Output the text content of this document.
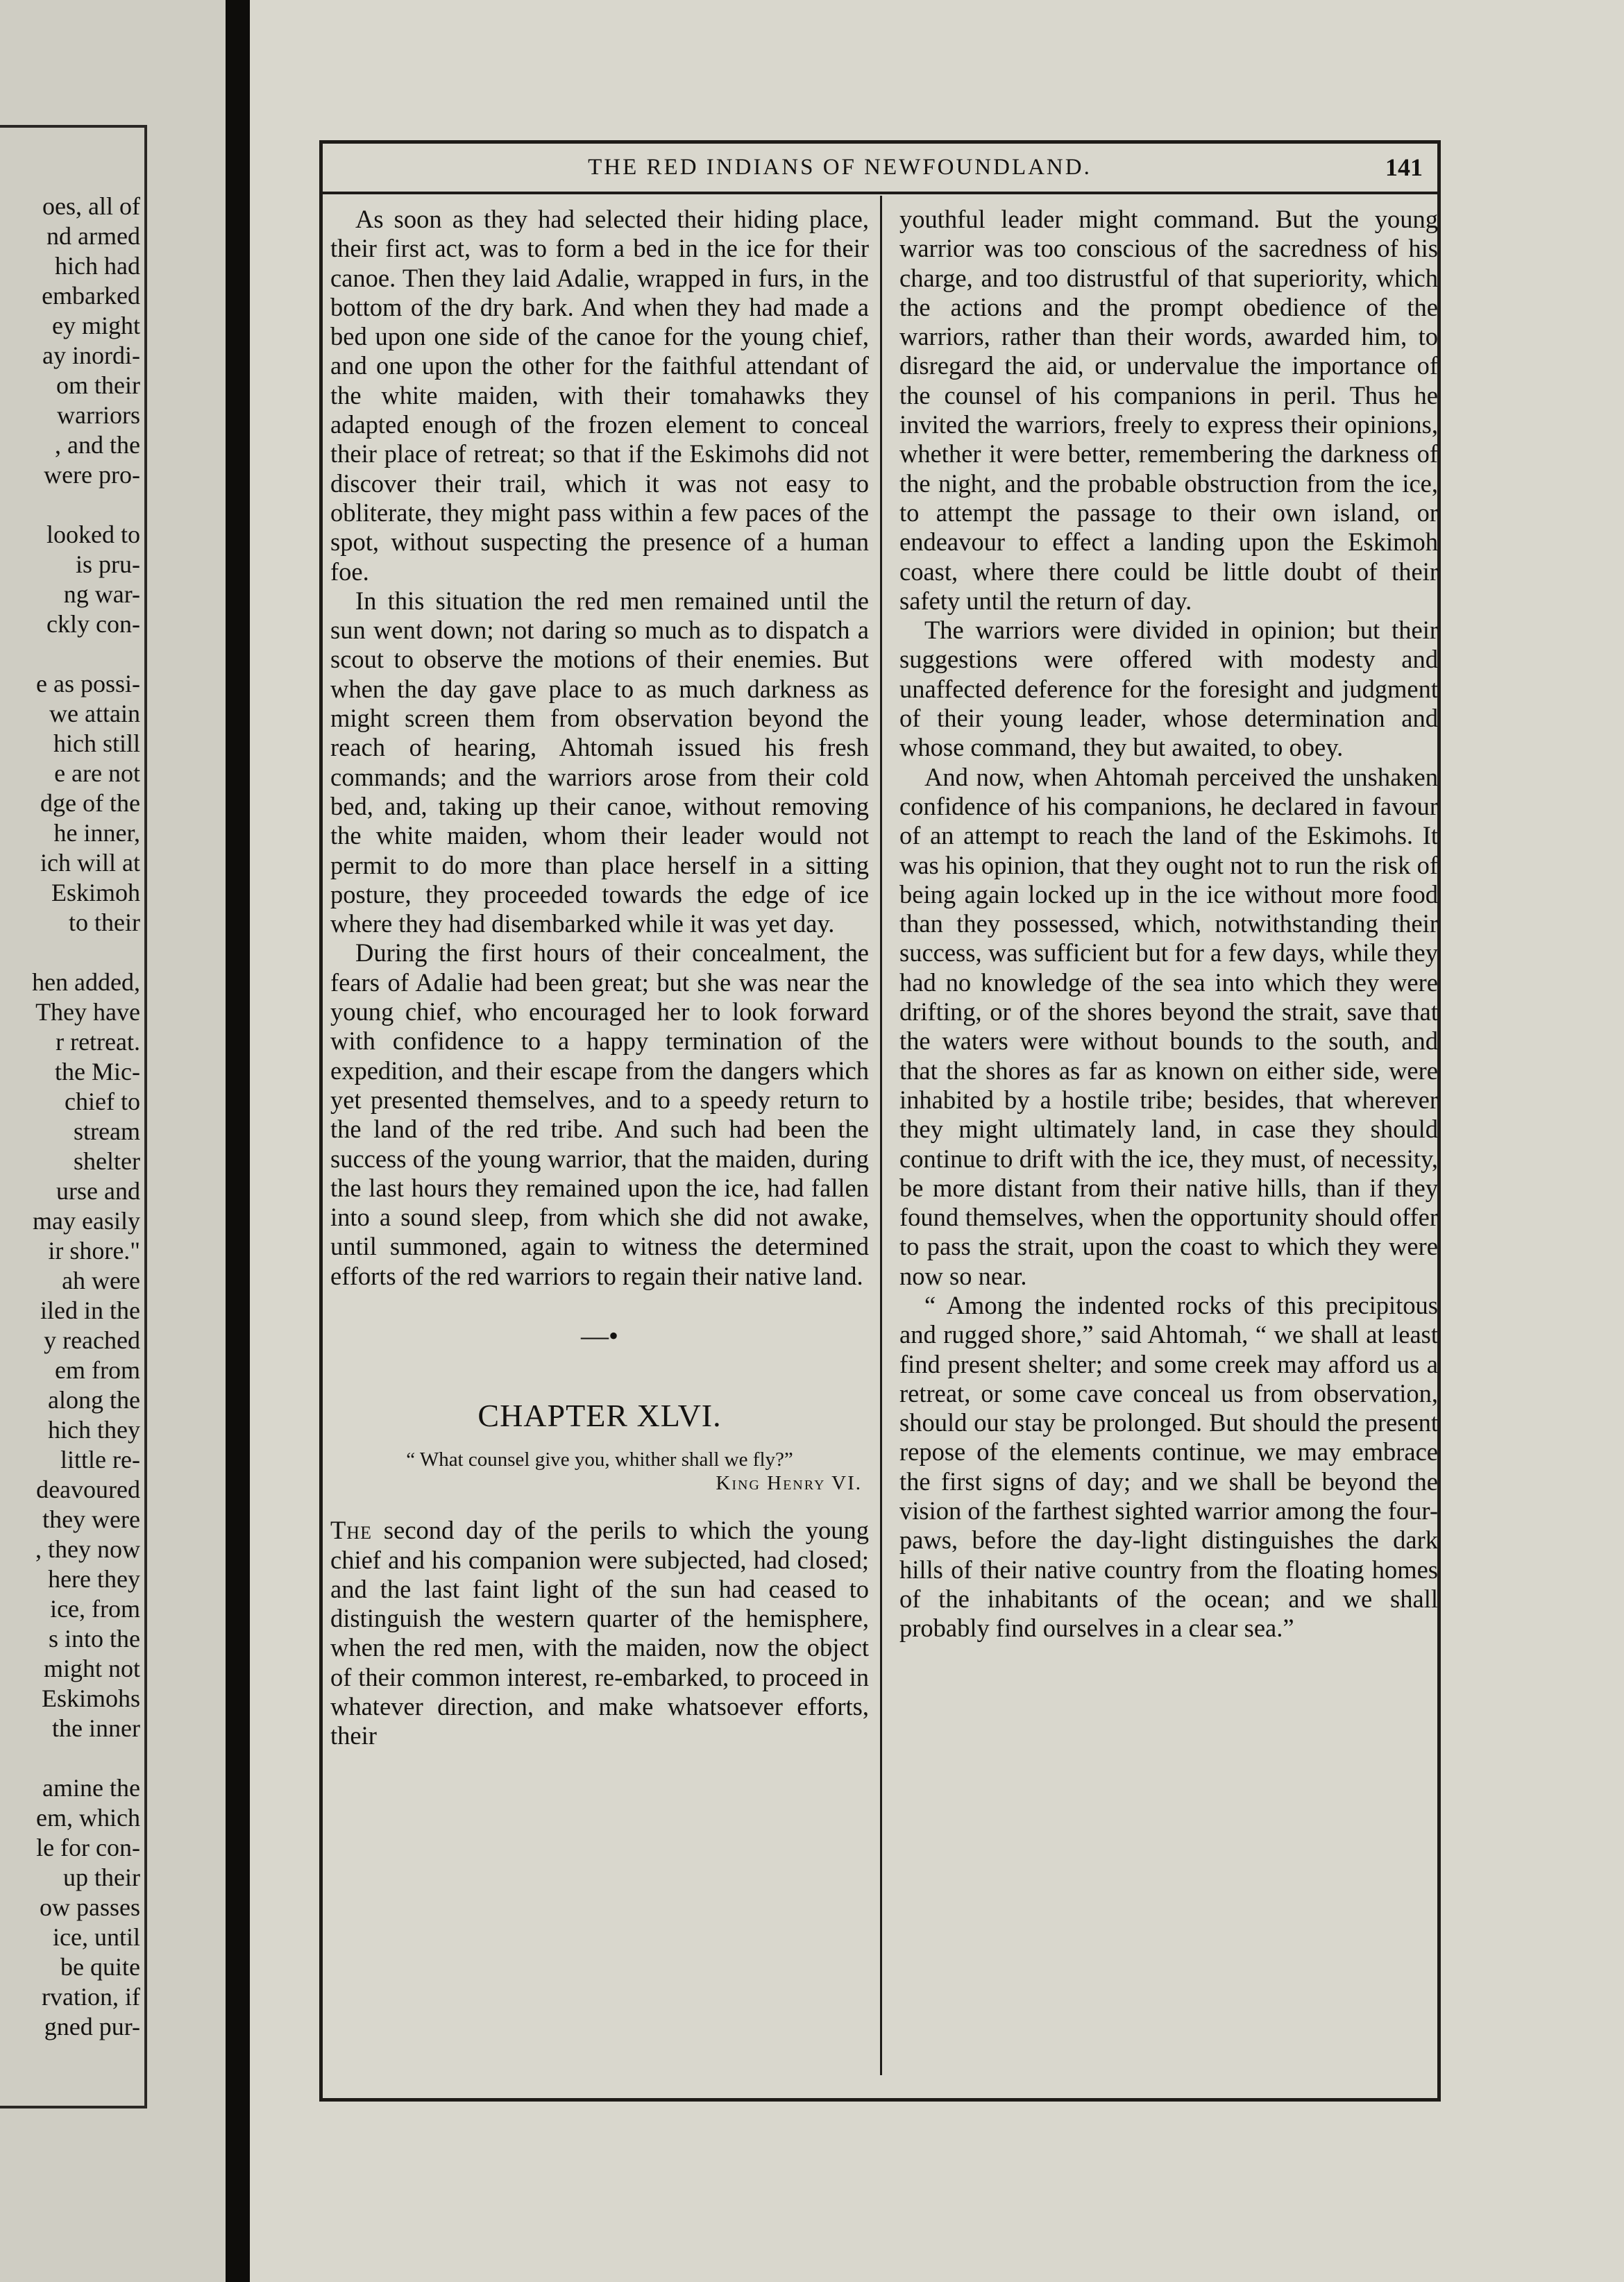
oes, all of
nd armed
hich had
embarked
ey might
ay inordi-
om their
warriors
, and the
were pro-
looked to
is pru-
ng war-
ckly con-
e as possi-
we attain
hich still
e are not
dge of the
he inner,
ich will at
Eskimoh
to their
hen added,
They have
r retreat.
the Mic-
chief to
stream
shelter
urse and
may easily
ir shore."
ah were
iled in the
y reached
em from
along the
hich they
little re-
deavoured
they were
, they now
here they
ice, from
s into the
might not
Eskimohs
the inner
amine the
em, which
le for con-
up their
ow passes
ice, until
be quite
rvation, if
gned pur-
THE RED INDIANS OF NEWFOUNDLAND.	141

As soon as they had selected their hiding place, their first act, was to form a bed in the ice for their canoe. Then they laid Adalie, wrapped in furs, in the bottom of the dry bark. And when they had made a bed upon one side of the canoe for the young chief, and one upon the other for the faithful attendant of the white maiden, with their tomahawks they adapted enough of the frozen element to conceal their place of retreat; so that if the Eskimohs did not discover their trail, which it was not easy to obliterate, they might pass within a few paces of the spot, without suspecting the presence of a human foe.

In this situation the red men remained until the sun went down; not daring so much as to dispatch a scout to observe the motions of their enemies. But when the day gave place to as much darkness as might screen them from observation beyond the reach of hearing, Ahtomah issued his fresh commands; and the warriors arose from their cold bed, and, taking up their canoe, without removing the white maiden, whom their leader would not permit to do more than place herself in a sitting posture, they proceeded towards the edge of ice where they had disembarked while it was yet day.

During the first hours of their concealment, the fears of Adalie had been great; but she was near the young chief, who encouraged her to look forward with confidence to a happy termination of the expedition, and their escape from the dangers which yet presented themselves, and to a speedy return to the land of the red tribe. And such had been the success of the young warrior, that the maiden, during the last hours they remained upon the ice, had fallen into a sound sleep, from which she did not awake, until summoned, again to witness the determined efforts of the red warriors to regain their native land.

—•
CHAPTER XLVI.
“ What counsel give you, whither shall we fly?”
King Henry VI.

The second day of the perils to which the young chief and his companion were subjected, had closed; and the last faint light of the sun had ceased to distinguish the western quarter of the hemisphere, when the red men, with the maiden, now the object of their common interest, re-embarked, to proceed in whatever direction, and make whatsoever efforts, their

youthful leader might command. But the young warrior was too conscious of the sacredness of his charge, and too distrustful of that superiority, which the actions and the prompt obedience of the warriors, rather than their words, awarded him, to disregard the aid, or undervalue the importance of the counsel of his companions in peril. Thus he invited the warriors, freely to express their opinions, whether it were better, remembering the darkness of the night, and the probable obstruction from the ice, to attempt the passage to their own island, or endeavour to effect a landing upon the Eskimoh coast, where there could be little doubt of their safety until the return of day.

The warriors were divided in opinion; but their suggestions were offered with modesty and unaffected deference for the foresight and judgment of their young leader, whose determination and whose command, they but awaited, to obey.

And now, when Ahtomah perceived the unshaken confidence of his companions, he declared in favour of an attempt to reach the land of the Eskimohs. It was his opinion, that they ought not to run the risk of being again locked up in the ice without more food than they possessed, which, notwithstanding their success, was sufficient but for a few days, while they had no knowledge of the sea into which they were drifting, or of the shores beyond the strait, save that the waters were without bounds to the south, and that the shores as far as known on either side, were inhabited by a hostile tribe; besides, that wherever they might ultimately land, in case they should continue to drift with the ice, they must, of necessity, be more distant from their native hills, than if they found themselves, when the opportunity should offer to pass the strait, upon the coast to which they were now so near.

“ Among the indented rocks of this precipitous and rugged shore,” said Ahtomah, “ we shall at least find present shelter; and some creek may afford us a retreat, or some cave conceal us from observation, should our stay be prolonged. But should the present repose of the elements continue, we may embrace the first signs of day; and we shall be beyond the vision of the farthest sighted warrior among the four-paws, before the day-light distinguishes the dark hills of their native country from the floating homes of the inhabitants of the ocean; and we shall probably find ourselves in a clear sea.”
